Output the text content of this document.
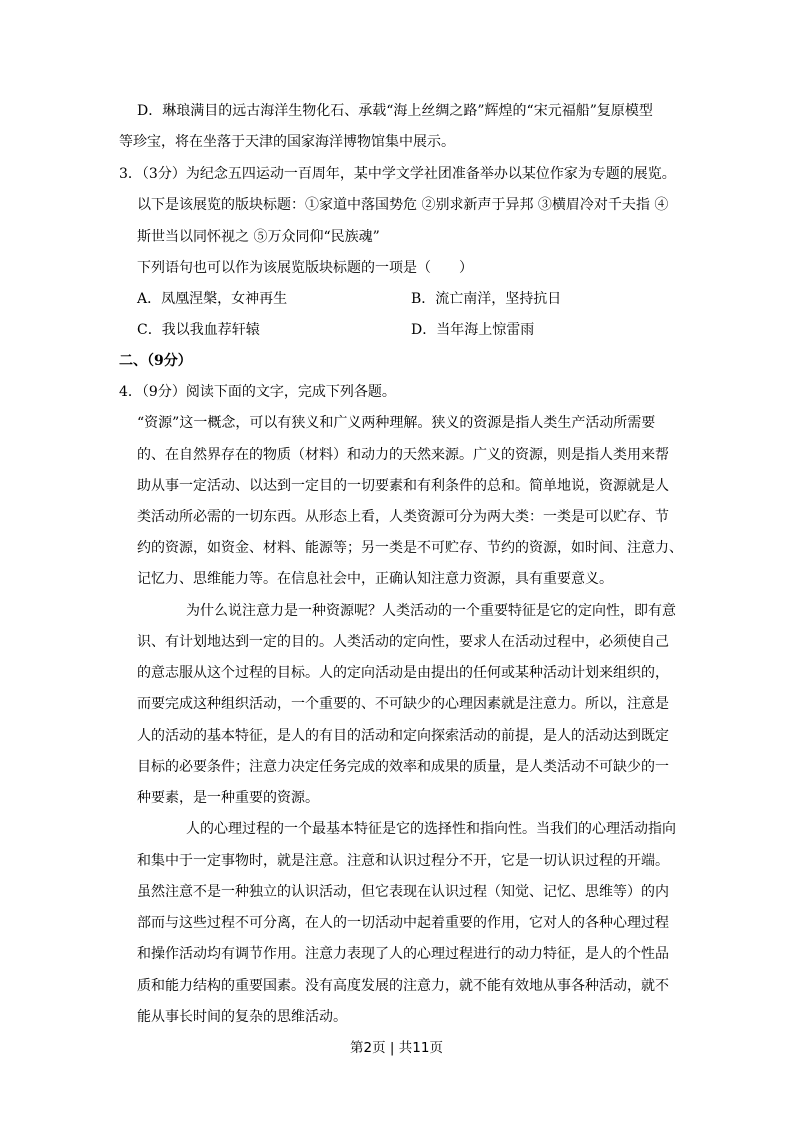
D．琳琅满目的远古海洋生物化石、承载“海上丝绸之路”辉煌的“宋元福船”复原模型
等珍宝，将在坐落于天津的国家海洋博物馆集中展示。
3．（3分）为纪念五四运动一百周年，某中学文学社团准备举办以某位作家为专题的展览。
以下是该展览的版块标题：①家道中落国势危 ②别求新声于异邦 ③横眉冷对千夫指 ④
斯世当以同怀视之 ⑤万众同仰“民族魂”
下列语句也可以作为该展览版块标题的一项是（　　）
A．凤凰涅槃，女神再生	B．流亡南洋，坚持抗日
C．我以我血荐轩辕	D．当年海上惊雷雨
二、（9分）
4．（9分）阅读下面的文字，完成下列各题。
“资源”这一概念，可以有狭义和广义两种理解。狭义的资源是指人类生产活动所需要
的、在自然界存在的物质（材料）和动力的天然来源。广义的资源，则是指人类用来帮
助从事一定活动、以达到一定目的一切要素和有利条件的总和。简单地说，资源就是人
类活动所必需的一切东西。从形态上看，人类资源可分为两大类：一类是可以贮存、节
约的资源，如资金、材料、能源等；另一类是不可贮存、节约的资源，如时间、注意力、
记忆力、思维能力等。在信息社会中，正确认知注意力资源，具有重要意义。
为什么说注意力是一种资源呢？人类活动的一个重要特征是它的定向性，即有意
识、有计划地达到一定的目的。人类活动的定向性，要求人在活动过程中，必须使自己
的意志服从这个过程的目标。人的定向活动是由提出的任何或某种活动计划来组织的，
而要完成这种组织活动，一个重要的、不可缺少的心理因素就是注意力。所以，注意是
人的活动的基本特征，是人的有目的活动和定向探索活动的前提，是人的活动达到既定
目标的必要条件；注意力决定任务完成的效率和成果的质量，是人类活动不可缺少的一
种要素，是一种重要的资源。
人的心理过程的一个最基本特征是它的选择性和指向性。当我们的心理活动指向
和集中于一定事物时，就是注意。注意和认识过程分不开，它是一切认识过程的开端。
虽然注意不是一种独立的认识活动，但它表现在认识过程（知觉、记忆、思维等）的内
部而与这些过程不可分离，在人的一切活动中起着重要的作用，它对人的各种心理过程
和操作活动均有调节作用。注意力表现了人的心理过程进行的动力特征，是人的个性品
质和能力结构的重要国素。没有高度发展的注意力，就不能有效地从事各种活动，就不
能从事长时间的复杂的思维活动。
第2页 | 共11页
